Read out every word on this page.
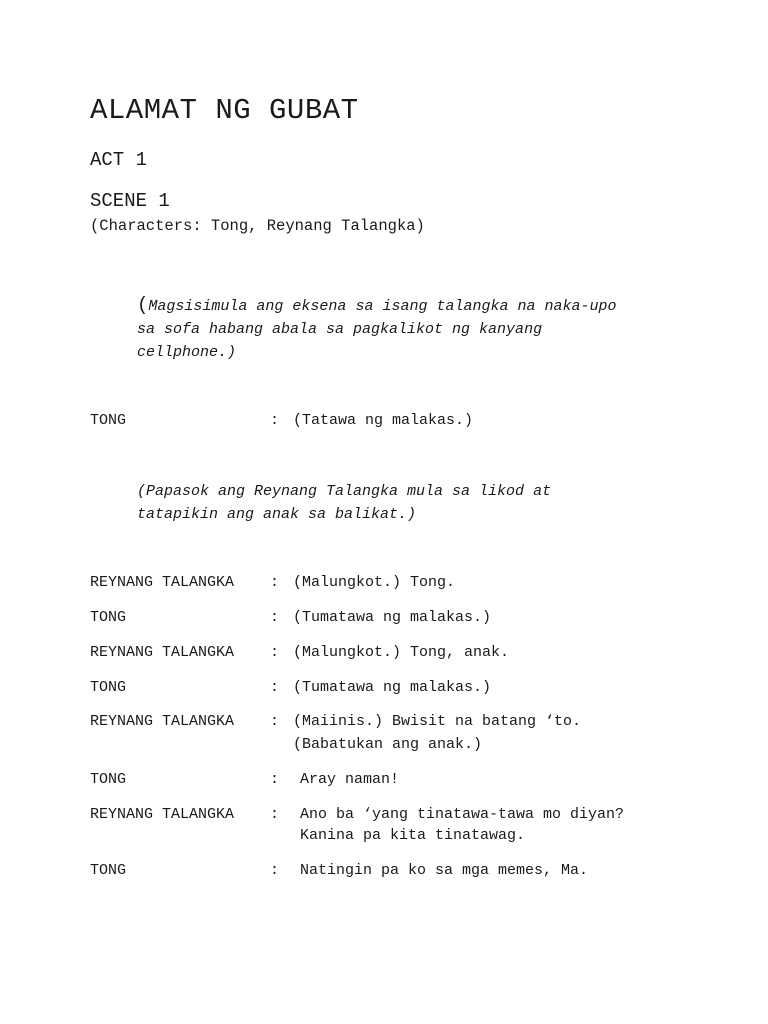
ALAMAT NG GUBAT
ACT 1
SCENE 1
(Characters: Tong, Reynang Talangka)
(Magsisimula ang eksena sa isang talangka na naka-upo
sa sofa habang abala sa pagkalikot ng kanyang
cellphone.)
TONG	: (Tatawa ng malakas.)
(Papasok ang Reynang Talangka mula sa likod at
tatapikin ang anak sa balikat.)
REYNANG TALANGKA : (Malungkot.) Tong.
TONG	: (Tumatawa ng malakas.)
REYNANG TALANGKA : (Malungkot.) Tong, anak.
TONG	: (Tumatawa ng malakas.)
REYNANG TALANGKA : (Maiinis.) Bwisit na batang ‘to.
(Babatukan ang anak.)
TONG	: Aray naman!
REYNANG TALANGKA : Ano ba ‘yang tinatawa-tawa mo diyan?
Kanina pa kita tinatawag.
TONG	: Natingin pa ko sa mga memes, Ma.
